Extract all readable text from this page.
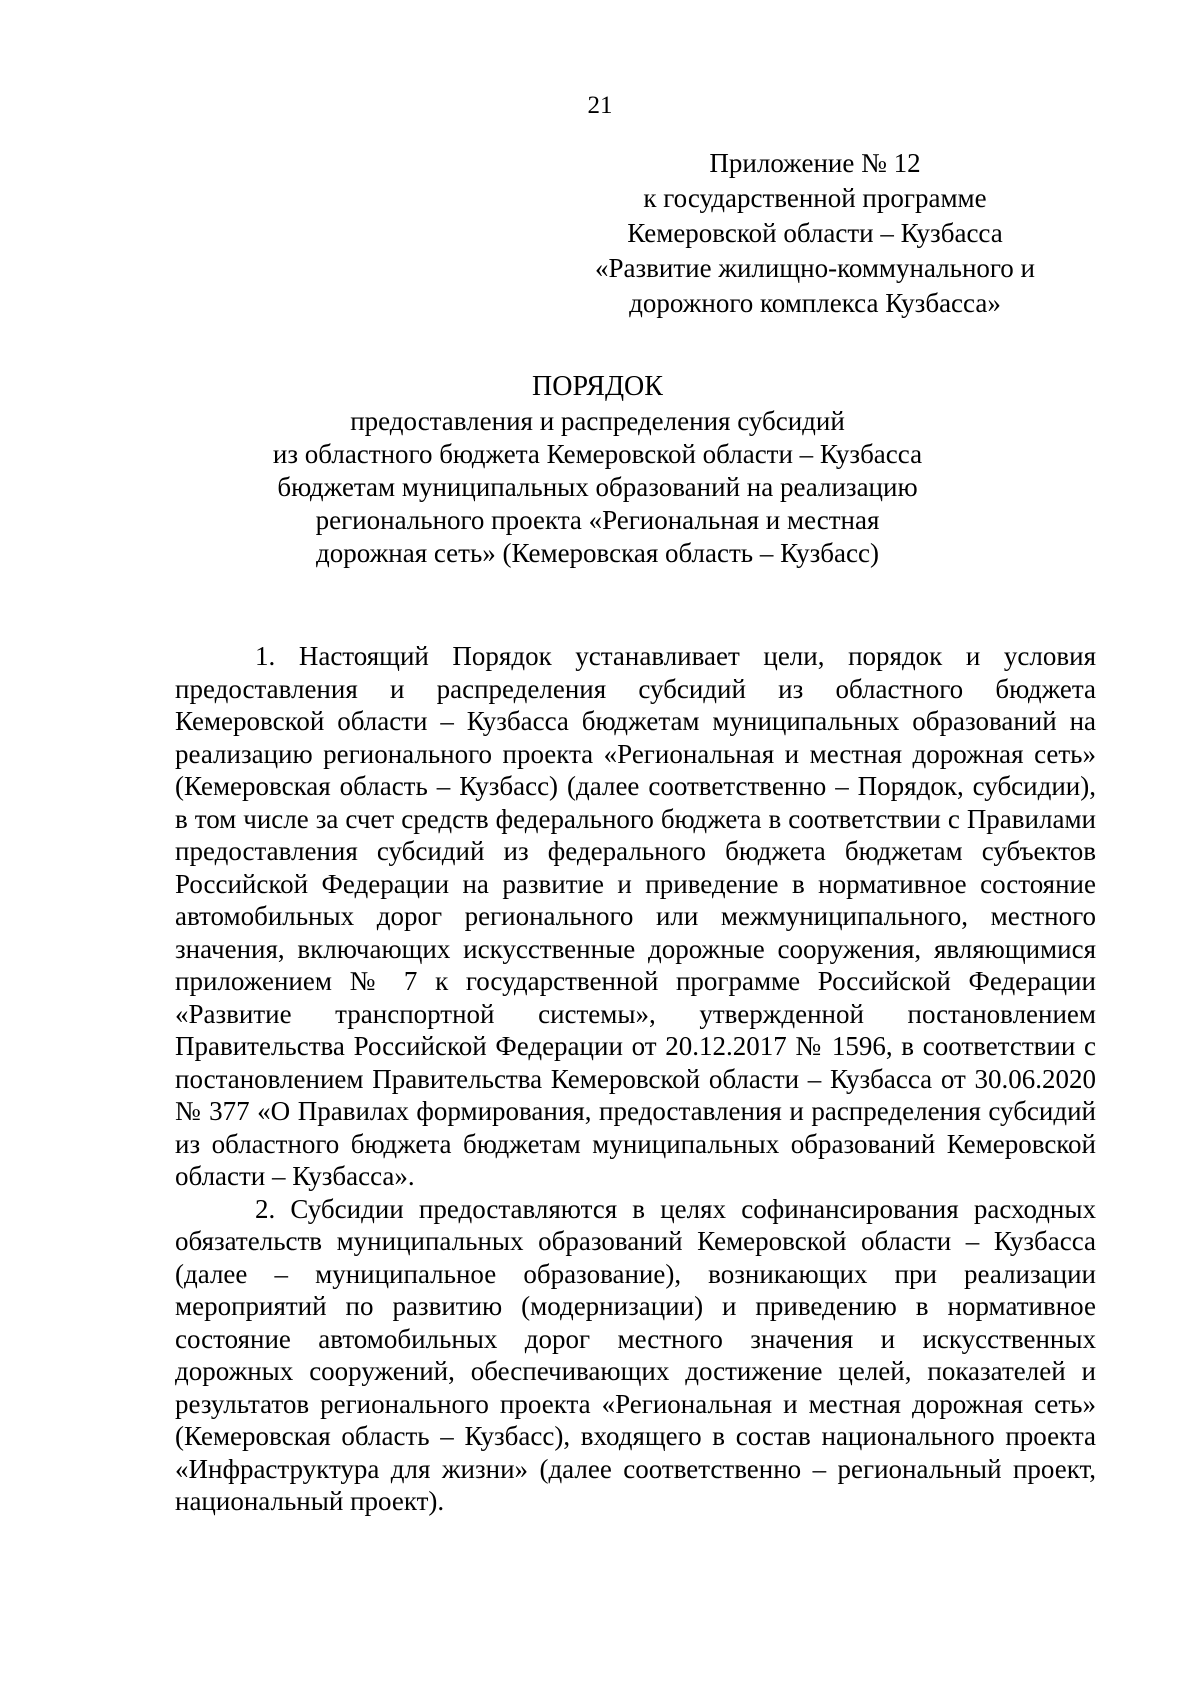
21
Приложение № 12
к государственной программе
Кемеровской области – Кузбасса
«Развитие жилищно-коммунального и
дорожного комплекса Кузбасса»
ПОРЯДОК
предоставления и распределения субсидий
из областного бюджета Кемеровской области – Кузбасса
бюджетам муниципальных образований на реализацию
регионального проекта «Региональная и местная
дорожная сеть» (Кемеровская область – Кузбасс)

1. Настоящий Порядок устанавливает цели, порядок и условия предоставления и распределения субсидий из областного бюджета Кемеровской области – Кузбасса бюджетам муниципальных образований на реализацию регионального проекта «Региональная и местная дорожная сеть» (Кемеровская область – Кузбасс) (далее соответственно – Порядок, субсидии), в том числе за счет средств федерального бюджета в соответствии с Правилами предоставления субсидий из федерального бюджета бюджетам субъектов Российской Федерации на развитие и приведение в нормативное состояние автомобильных дорог регионального или межмуниципального, местного значения, включающих искусственные дорожные сооружения, являющимися приложением № 7 к государственной программе Российской Федерации «Развитие транспортной системы», утвержденной постановлением Правительства Российской Федерации от 20.12.2017 № 1596, в соответствии с постановлением Правительства Кемеровской области – Кузбасса от 30.06.2020 № 377 «О Правилах формирования, предоставления и распределения субсидий из областного бюджета бюджетам муниципальных образований Кемеровской области – Кузбасса».

2. Субсидии предоставляются в целях софинансирования расходных обязательств муниципальных образований Кемеровской области – Кузбасса (далее – муниципальное образование), возникающих при реализации мероприятий по развитию (модернизации) и приведению в нормативное состояние автомобильных дорог местного значения и искусственных дорожных сооружений, обеспечивающих достижение целей, показателей и результатов регионального проекта «Региональная и местная дорожная сеть» (Кемеровская область – Кузбасс), входящего в состав национального проекта «Инфраструктура для жизни» (далее соответственно – региональный проект, национальный проект).
